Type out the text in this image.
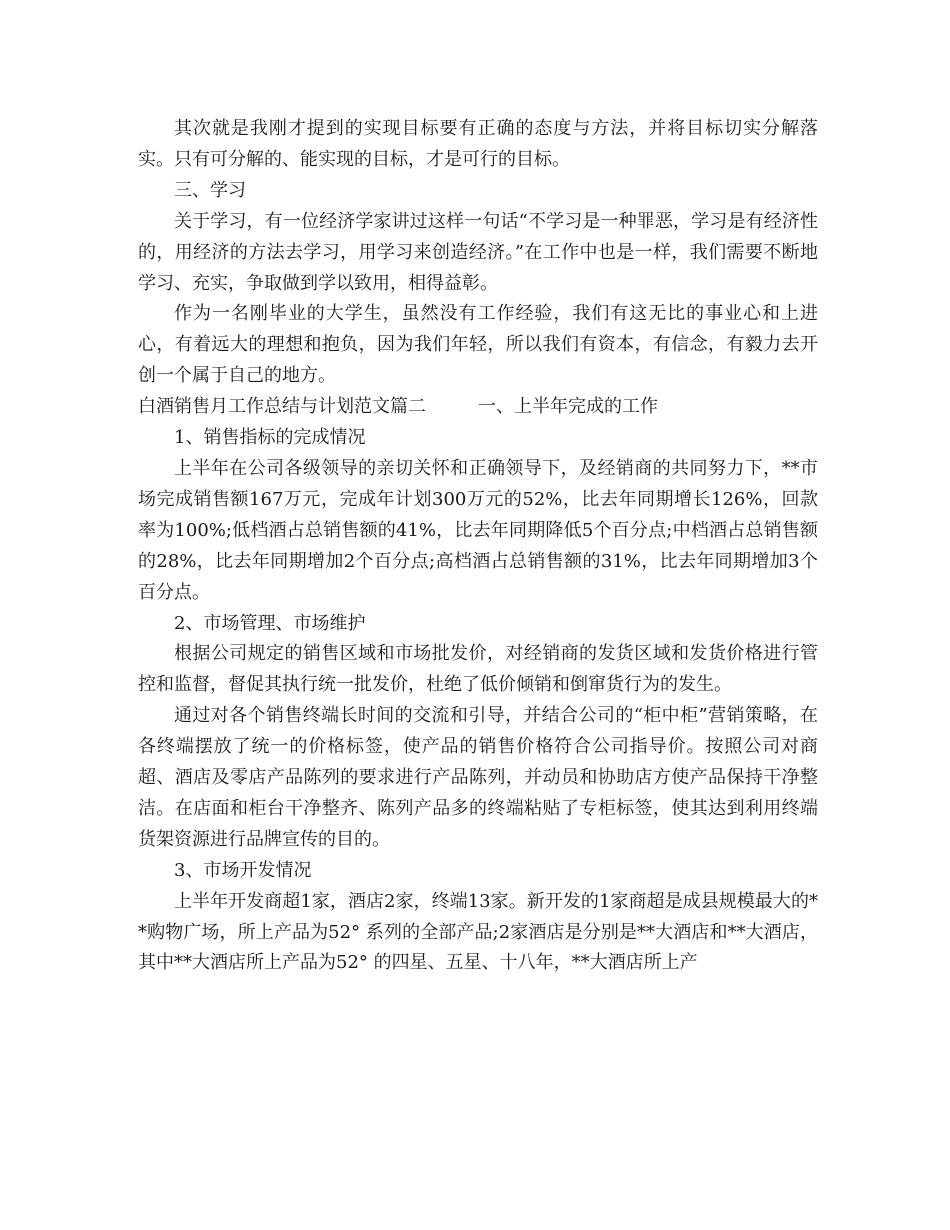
其次就是我刚才提到的实现目标要有正确的态度与方法，并将目标切实分解落实。只有可分解的、能实现的目标，才是可行的目标。

三、学习

关于学习，有一位经济学家讲过这样一句话“不学习是一种罪恶，学习是有经济性的，用经济的方法去学习，用学习来创造经济。”在工作中也是一样，我们需要不断地学习、充实，争取做到学以致用，相得益彰。

作为一名刚毕业的大学生，虽然没有工作经验，我们有这无比的事业心和上进心，有着远大的理想和抱负，因为我们年轻，所以我们有资本，有信念，有毅力去开创一个属于自己的地方。

白酒销售月工作总结与计划范文篇二	一、上半年完成的工作

1、销售指标的完成情况

上半年在公司各级领导的亲切关怀和正确领导下，及经销商的共同努力下，**市场完成销售额167万元，完成年计划300万元的52%，比去年同期增长126%，回款率为100%;低档酒占总销售额的41%，比去年同期降低5个百分点;中档酒占总销售额的28%，比去年同期增加2个百分点;高档酒占总销售额的31%，比去年同期增加3个百分点。

2、市场管理、市场维护

根据公司规定的销售区域和市场批发价，对经销商的发货区域和发货价格进行管控和监督，督促其执行统一批发价，杜绝了低价倾销和倒窜货行为的发生。

通过对各个销售终端长时间的交流和引导，并结合公司的“柜中柜”营销策略，在各终端摆放了统一的价格标签，使产品的销售价格符合公司指导价。按照公司对商超、酒店及零店产品陈列的要求进行产品陈列，并动员和协助店方使产品保持干净整洁。在店面和柜台干净整齐、陈列产品多的终端粘贴了专柜标签，使其达到利用终端货架资源进行品牌宣传的目的。

3、市场开发情况

上半年开发商超1家，酒店2家，终端13家。新开发的1家商超是成县规模最大的**购物广场，所上产品为52° 系列的全部产品;2家酒店是分别是**大酒店和**大酒店，其中**大酒店所上产品为52° 的四星、五星、十八年，**大酒店所上产
